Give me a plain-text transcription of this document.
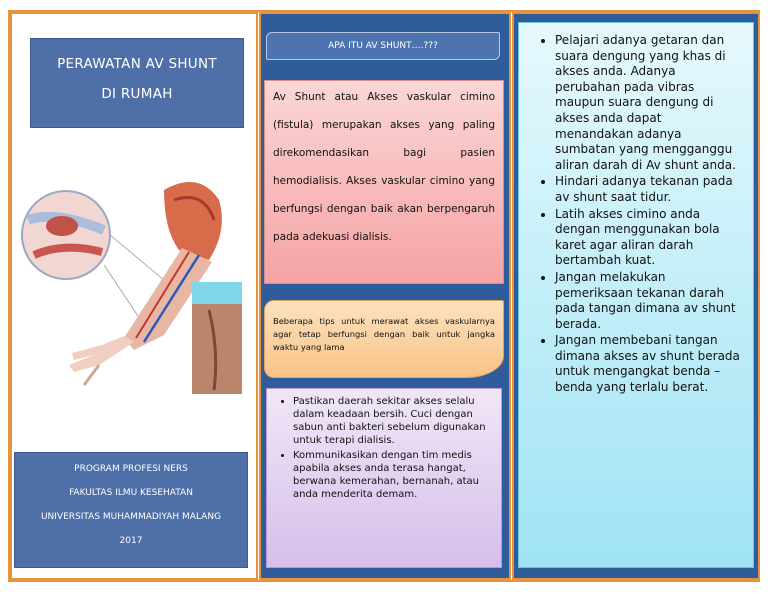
PERAWATAN AV SHUNT
DI RUMAH
PROGRAM PROFESI NERS
FAKULTAS ILMU KESEHATAN
UNIVERSITAS MUHAMMADIYAH MALANG
2017
APA ITU AV SHUNT….???
Av Shunt atau Akses vaskular cimino (fistula) merupakan akses yang paling direkomendasikan bagi pasien hemodialisis. Akses vaskular cimino yang berfungsi dengan baik akan berpengaruh pada adekuasi dialisis.
Beberapa tips untuk merawat akses vaskularnya agar tetap berfungsi dengan baik untuk jangka waktu yang lama
• Pastikan daerah sekitar akses selalu dalam keadaan bersih. Cuci dengan sabun anti bakteri sebelum digunakan untuk terapi dialisis.
• Kommunikasikan dengan tim medis apabila akses anda terasa hangat, berwana kemerahan, bernanah, atau anda menderita demam.
• Pelajari adanya getaran dan suara dengung yang khas di akses anda. Adanya perubahan pada vibras maupun suara dengung di akses anda dapat menandakan adanya sumbatan yang mengganggu aliran darah di Av shunt anda.
• Hindari adanya tekanan pada av shunt saat tidur.
• Latih akses cimino anda dengan menggunakan bola karet agar aliran darah bertambah kuat.
• Jangan melakukan pemeriksaan tekanan darah pada tangan dimana av shunt berada.
• Jangan membebani tangan dimana akses av shunt berada untuk mengangkat benda – benda yang terlalu berat.
